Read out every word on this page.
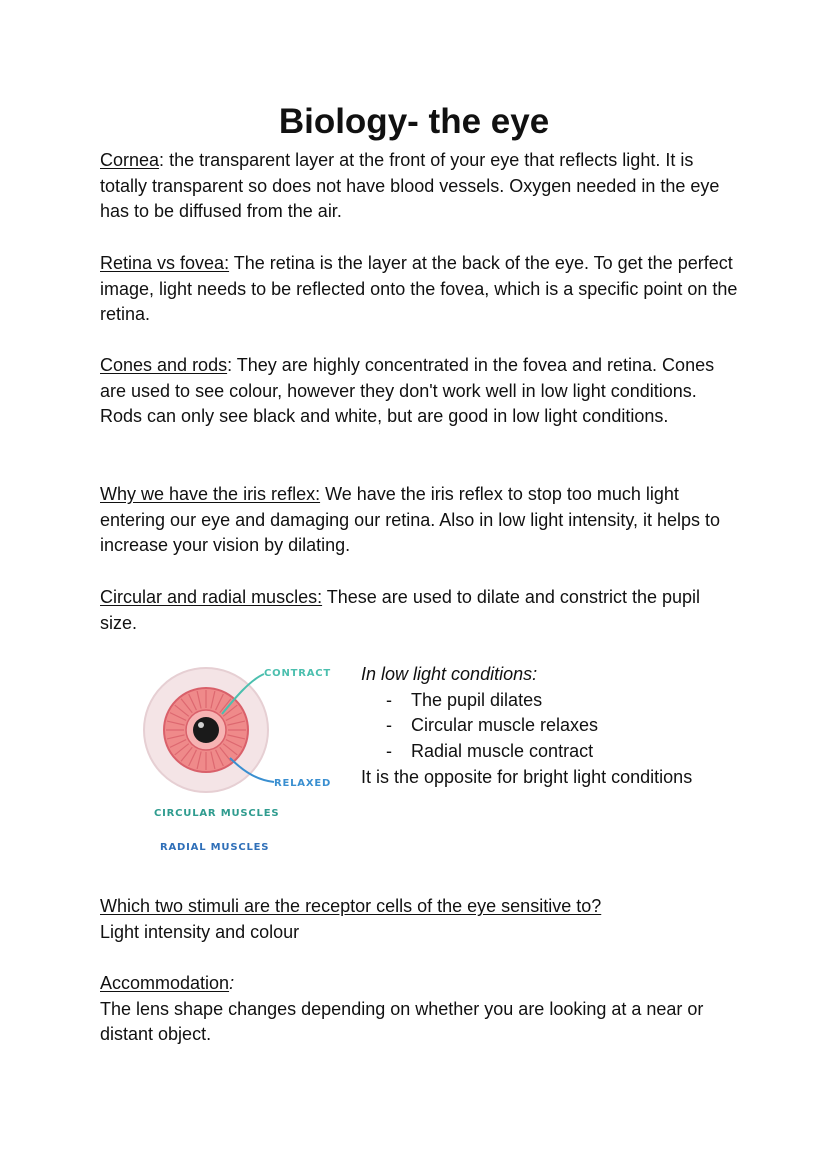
Biology- the eye

Cornea: the transparent layer at the front of your eye that reflects light. It is totally transparent so does not have blood vessels. Oxygen needed in the eye has to be diffused from the air.

Retina vs fovea: The retina is the layer at the back of the eye. To get the perfect image, light needs to be reflected onto the fovea, which is a specific point on the retina.

Cones and rods: They are highly concentrated in the fovea and retina. Cones are used to see colour, however they don't work well in low light conditions. Rods can only see black and white, but are good in low light conditions.

Why we have the iris reflex: We have the iris reflex to stop too much light entering our eye and damaging our retina. Also in low light intensity, it helps to increase your vision by dilating.

Circular and radial muscles: These are used to dilate and constrict the pupil size.

CONTRACT
RELAXED
CIRCULAR MUSCLES
RADIAL MUSCLES
In low light conditions:
- The pupil dilates
- Circular muscle relaxes
- Radial muscle contract
It is the opposite for bright light conditions

Which two stimuli are the receptor cells of the eye sensitive to?
Light intensity and colour

Accommodation:
The lens shape changes depending on whether you are looking at a near or distant object.
